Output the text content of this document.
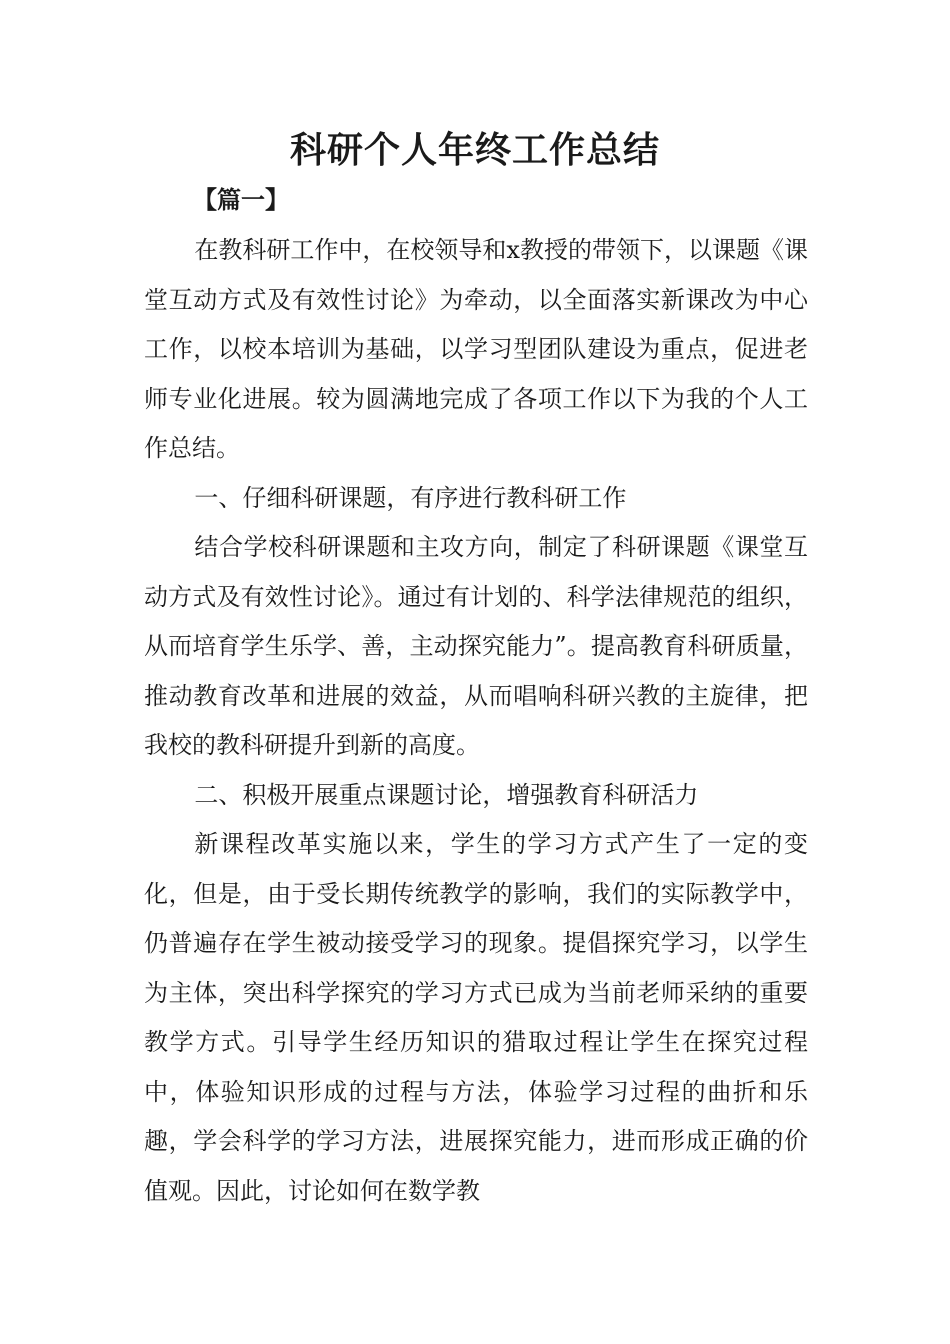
科研个人年终工作总结
【篇一】

在教科研工作中，在校领导和x教授的带领下，以课题《课堂互动方式及有效性讨论》为牵动，以全面落实新课改为中心工作，以校本培训为基础，以学习型团队建设为重点，促进老师专业化进展。较为圆满地完成了各项工作以下为我的个人工作总结。

一、仔细科研课题，有序进行教科研工作

结合学校科研课题和主攻方向，制定了科研课题《课堂互动方式及有效性讨论》。通过有计划的、科学法律规范的组织，从而培育学生乐学、善，主动探究能力”。提高教育科研质量，推动教育改革和进展的效益，从而唱响科研兴教的主旋律，把我校的教科研提升到新的高度。

二、积极开展重点课题讨论，增强教育科研活力

新课程改革实施以来，学生的学习方式产生了一定的变化，但是，由于受长期传统教学的影响，我们的实际教学中，仍普遍存在学生被动接受学习的现象。提倡探究学习，以学生为主体，突出科学探究的学习方式已成为当前老师采纳的重要教学方式。引导学生经历知识的猎取过程让学生在探究过程中，体验知识形成的过程与方法，体验学习过程的曲折和乐趣，学会科学的学习方法，进展探究能力，进而形成正确的价值观。因此，讨论如何在数学教
